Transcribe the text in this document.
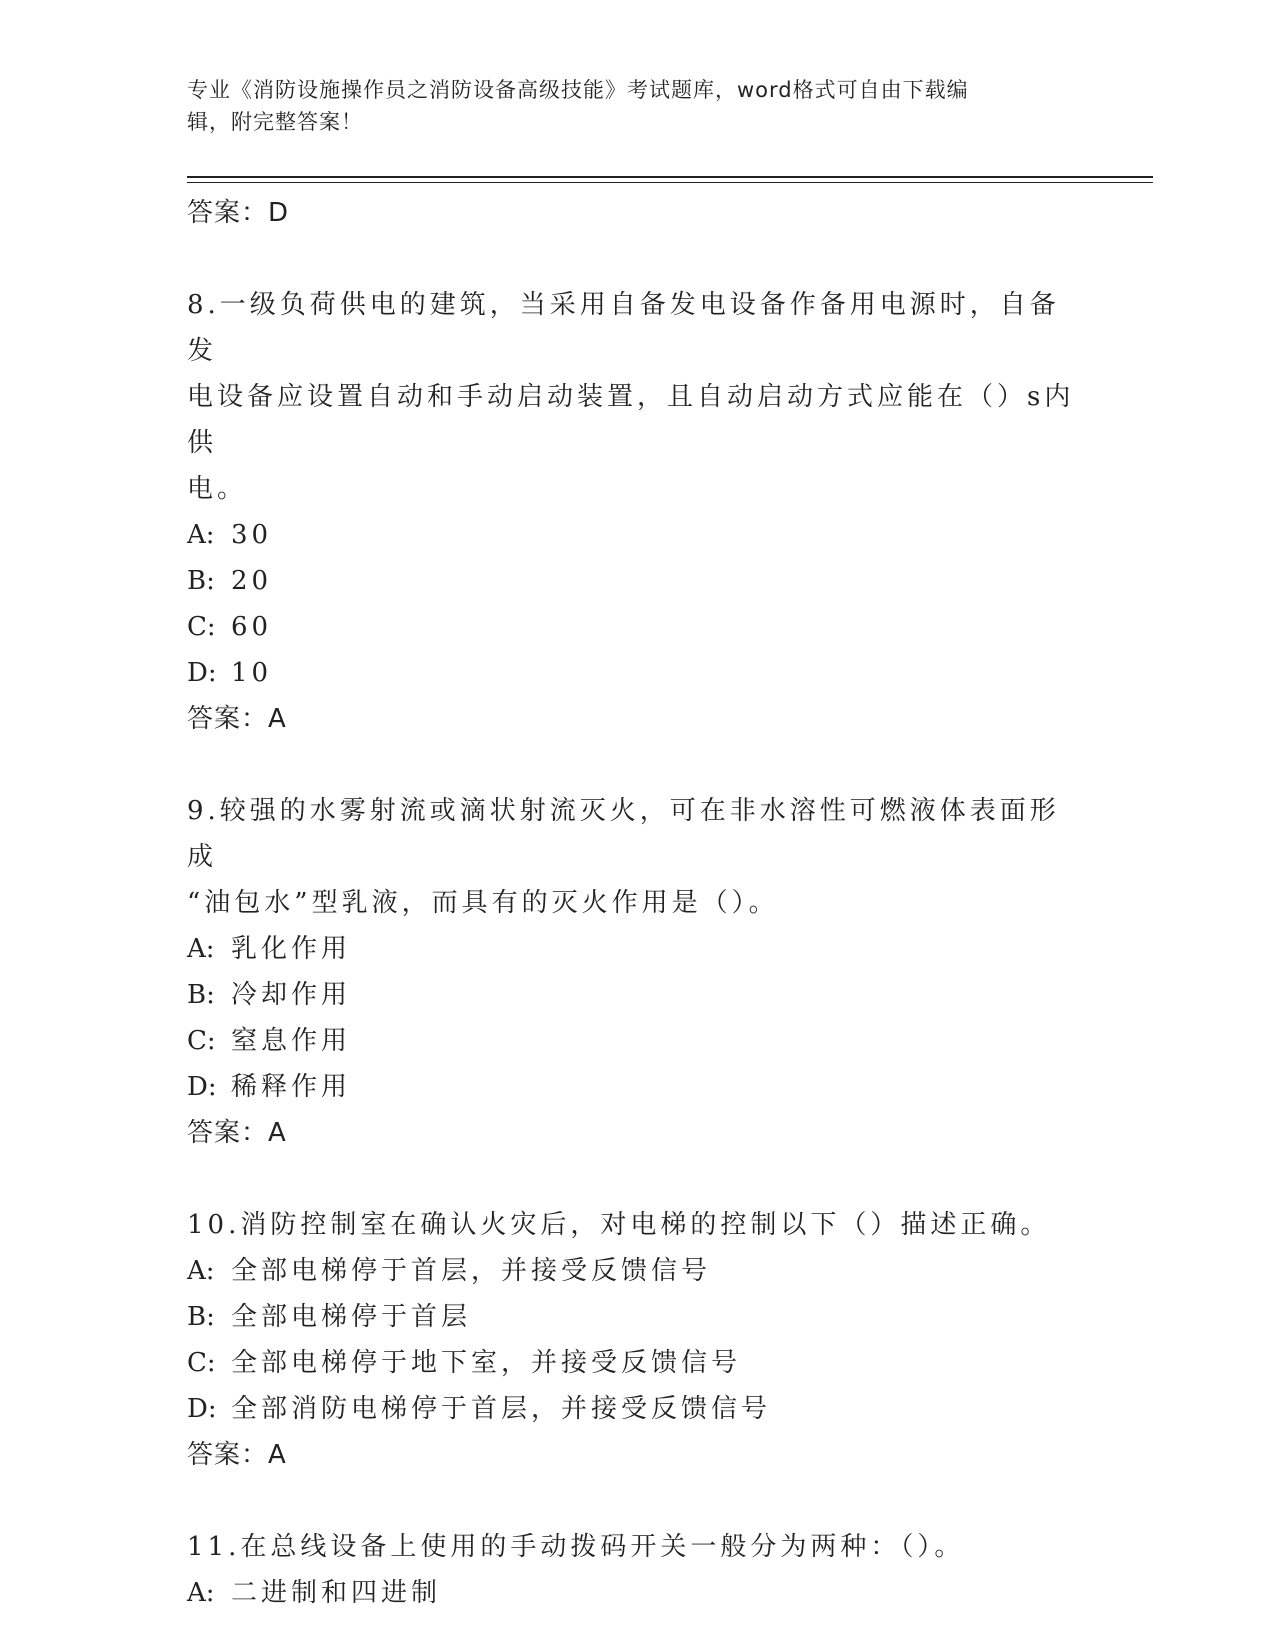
专业《消防设施操作员之消防设备高级技能》考试题库，word格式可自由下载编
辑，附完整答案！
答案：D
8.一级负荷供电的建筑，当采用自备发电设备作备用电源时，自备发
电设备应设置自动和手动启动装置，且自动启动方式应能在（）s内供
电。
A: 30
B: 20
C: 60
D: 10
答案：A
9.较强的水雾射流或滴状射流灭火，可在非水溶性可燃液体表面形成
“油包水”型乳液，而具有的灭火作用是（）。
A: 乳化作用
B: 冷却作用
C: 窒息作用
D: 稀释作用
答案：A
10.消防控制室在确认火灾后，对电梯的控制以下（）描述正确。
A: 全部电梯停于首层，并接受反馈信号
B: 全部电梯停于首层
C: 全部电梯停于地下室，并接受反馈信号
D: 全部消防电梯停于首层，并接受反馈信号
答案：A
11.在总线设备上使用的手动拨码开关一般分为两种：（）。
A: 二进制和四进制
